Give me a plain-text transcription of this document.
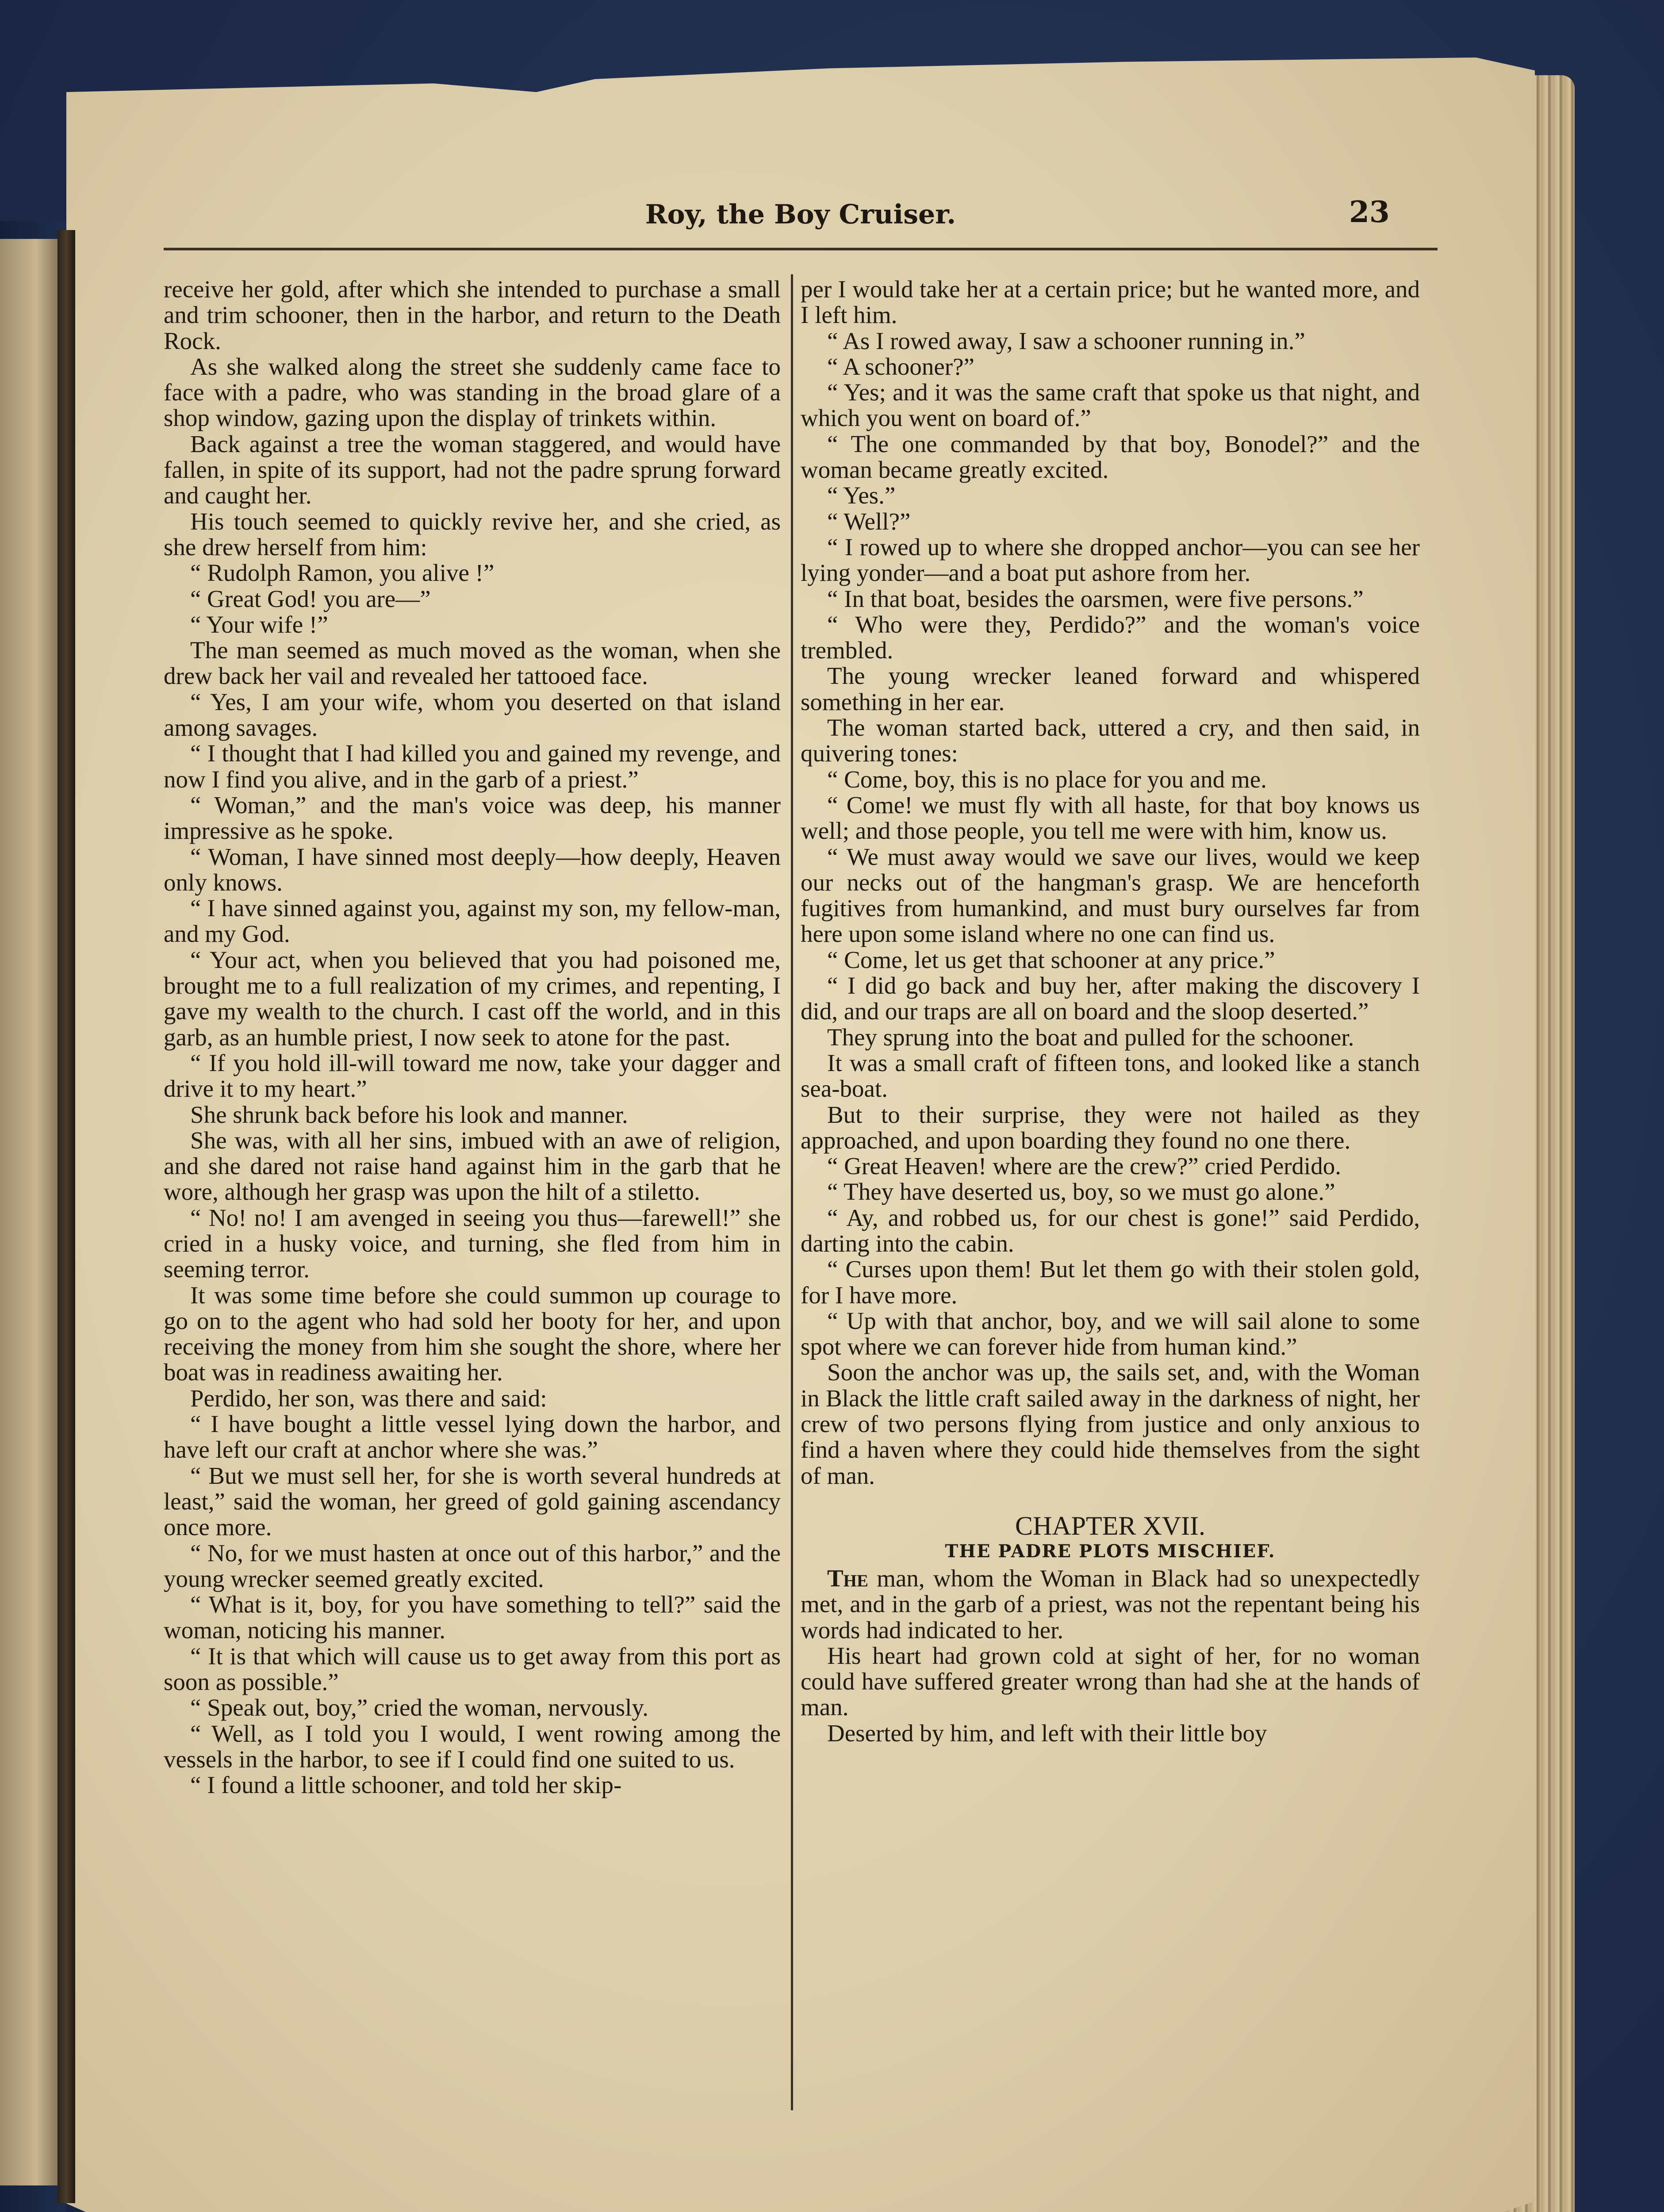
Roy, the Boy Cruiser.	23

receive her gold, after which she intended to purchase a small and trim schooner, then in the harbor, and return to the Death Rock.

As she walked along the street she suddenly came face to face with a padre, who was standing in the broad glare of a shop window, gazing upon the display of trinkets within.

Back against a tree the woman staggered, and would have fallen, in spite of its support, had not the padre sprung forward and caught her.

His touch seemed to quickly revive her, and she cried, as she drew herself from him:

“ Rudolph Ramon, you alive !”

“ Great God! you are—”

“ Your wife !”

The man seemed as much moved as the woman, when she drew back her vail and revealed her tattooed face.

“ Yes, I am your wife, whom you deserted on that island among savages.

“ I thought that I had killed you and gained my revenge, and now I find you alive, and in the garb of a priest.”

“ Woman,” and the man's voice was deep, his manner impressive as he spoke.

“ Woman, I have sinned most deeply—how deeply, Heaven only knows.

“ I have sinned against you, against my son, my fellow-man, and my God.

“ Your act, when you believed that you had poisoned me, brought me to a full realization of my crimes, and repenting, I gave my wealth to the church. I cast off the world, and in this garb, as an humble priest, I now seek to atone for the past.

“ If you hold ill-will toward me now, take your dagger and drive it to my heart.”

She shrunk back before his look and manner.

She was, with all her sins, imbued with an awe of religion, and she dared not raise hand against him in the garb that he wore, although her grasp was upon the hilt of a stiletto.

“ No! no! I am avenged in seeing you thus—farewell!” she cried in a husky voice, and turning, she fled from him in seeming terror.

It was some time before she could summon up courage to go on to the agent who had sold her booty for her, and upon receiving the money from him she sought the shore, where her boat was in readiness awaiting her.

Perdido, her son, was there and said:

“ I have bought a little vessel lying down the harbor, and have left our craft at anchor where she was.”

“ But we must sell her, for she is worth several hundreds at least,” said the woman, her greed of gold gaining ascendancy once more.

“ No, for we must hasten at once out of this harbor,” and the young wrecker seemed greatly excited.

“ What is it, boy, for you have something to tell?” said the woman, noticing his manner.

“ It is that which will cause us to get away from this port as soon as possible.”

“ Speak out, boy,” cried the woman, nervously.

“ Well, as I told you I would, I went rowing among the vessels in the harbor, to see if I could find one suited to us.

“ I found a little schooner, and told her skip-

per I would take her at a certain price; but he wanted more, and I left him.

“ As I rowed away, I saw a schooner running in.”

“ A schooner?”

“ Yes; and it was the same craft that spoke us that night, and which you went on board of.”

“ The one commanded by that boy, Bonodel?” and the woman became greatly excited.

“ Yes.”

“ Well?”

“ I rowed up to where she dropped anchor—you can see her lying yonder—and a boat put ashore from her.

“ In that boat, besides the oarsmen, were five persons.”

“ Who were they, Perdido?” and the woman's voice trembled.

The young wrecker leaned forward and whispered something in her ear.

The woman started back, uttered a cry, and then said, in quivering tones:

“ Come, boy, this is no place for you and me.

“ Come! we must fly with all haste, for that boy knows us well; and those people, you tell me were with him, know us.

“ We must away would we save our lives, would we keep our necks out of the hangman's grasp. We are henceforth fugitives from humankind, and must bury ourselves far from here upon some island where no one can find us.

“ Come, let us get that schooner at any price.”

“ I did go back and buy her, after making the discovery I did, and our traps are all on board and the sloop deserted.”

They sprung into the boat and pulled for the schooner.

It was a small craft of fifteen tons, and looked like a stanch sea-boat.

But to their surprise, they were not hailed as they approached, and upon boarding they found no one there.

“ Great Heaven! where are the crew?” cried Perdido.

“ They have deserted us, boy, so we must go alone.”

“ Ay, and robbed us, for our chest is gone!” said Perdido, darting into the cabin.

“ Curses upon them! But let them go with their stolen gold, for I have more.

“ Up with that anchor, boy, and we will sail alone to some spot where we can forever hide from human kind.”

Soon the anchor was up, the sails set, and, with the Woman in Black the little craft sailed away in the darkness of night, her crew of two persons flying from justice and only anxious to find a haven where they could hide themselves from the sight of man.

CHAPTER XVII.
THE PADRE PLOTS MISCHIEF.

The man, whom the Woman in Black had so unexpectedly met, and in the garb of a priest, was not the repentant being his words had indicated to her.

His heart had grown cold at sight of her, for no woman could have suffered greater wrong than had she at the hands of man.

Deserted by him, and left with their little boy
